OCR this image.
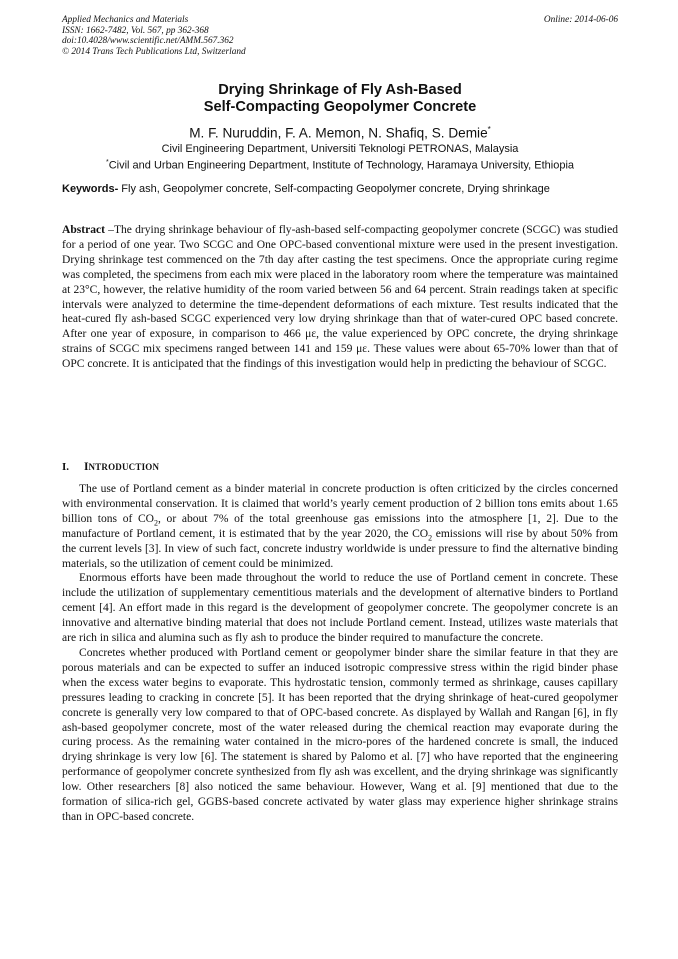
Applied Mechanics and Materials
ISSN: 1662-7482, Vol. 567, pp 362-368
doi:10.4028/www.scientific.net/AMM.567.362
© 2014 Trans Tech Publications Ltd, Switzerland
Online: 2014-06-06
Drying Shrinkage of Fly Ash-Based
Self-Compacting Geopolymer Concrete
M. F. Nuruddin, F. A. Memon, N. Shafiq, S. Demie*
Civil Engineering Department, Universiti Teknologi PETRONAS, Malaysia
*Civil and Urban Engineering Department, Institute of Technology, Haramaya University, Ethiopia
Keywords- Fly ash, Geopolymer concrete, Self-compacting Geopolymer concrete, Drying shrinkage
Abstract –The drying shrinkage behaviour of fly-ash-based self-compacting geopolymer concrete (SCGC) was studied for a period of one year. Two SCGC and One OPC-based conventional mixture were used in the present investigation. Drying shrinkage test commenced on the 7th day after casting the test specimens. Once the appropriate curing regime was completed, the specimens from each mix were placed in the laboratory room where the temperature was maintained at 23°C, however, the relative humidity of the room varied between 56 and 64 percent. Strain readings taken at specific intervals were analyzed to determine the time-dependent deformations of each mixture. Test results indicated that the heat-cured fly ash-based SCGC experienced very low drying shrinkage than that of water-cured OPC based concrete. After one year of exposure, in comparison to 466 με, the value experienced by OPC concrete, the drying shrinkage strains of SCGC mix specimens ranged between 141 and 159 με. These values were about 65-70% lower than that of OPC concrete. It is anticipated that the findings of this investigation would help in predicting the behaviour of SCGC.
I. INTRODUCTION

The use of Portland cement as a binder material in concrete production is often criticized by the circles concerned with environmental conservation. It is claimed that world’s yearly cement production of 2 billion tons emits about 1.65 billion tons of $CO_2$, or about 7% of the total greenhouse gas emissions into the atmosphere [1, 2]. Due to the manufacture of Portland cement, it is estimated that by the year 2020, the $CO_2$ emissions will rise by about 50% from the current levels [3]. In view of such fact, concrete industry worldwide is under pressure to find the alternative binding materials, so the utilization of cement could be minimized.

Enormous efforts have been made throughout the world to reduce the use of Portland cement in concrete. These include the utilization of supplementary cementitious materials and the development of alternative binders to Portland cement [4]. An effort made in this regard is the development of geopolymer concrete. The geopolymer concrete is an innovative and alternative binding material that does not include Portland cement. Instead, utilizes waste materials that are rich in silica and alumina such as fly ash to produce the binder required to manufacture the concrete.

Concretes whether produced with Portland cement or geopolymer binder share the similar feature in that they are porous materials and can be expected to suffer an induced isotropic compressive stress within the rigid binder phase when the excess water begins to evaporate. This hydrostatic tension, commonly termed as shrinkage, causes capillary pressures leading to cracking in concrete [5]. It has been reported that the drying shrinkage of heat-cured geopolymer concrete is generally very low compared to that of OPC-based concrete. As displayed by Wallah and Rangan [6], in fly ash-based geopolymer concrete, most of the water released during the chemical reaction may evaporate during the curing process. As the remaining water contained in the micro-pores of the hardened concrete is small, the induced drying shrinkage is very low [6]. The statement is shared by Palomo et al. [7] who have reported that the engineering performance of geopolymer concrete synthesized from fly ash was excellent, and the drying shrinkage was significantly low. Other researchers [8] also noticed the same behaviour. However, Wang et al. [9] mentioned that due to the formation of silica-rich gel, GGBS-based concrete activated by water glass may experience higher shrinkage strains than in OPC-based concrete.
